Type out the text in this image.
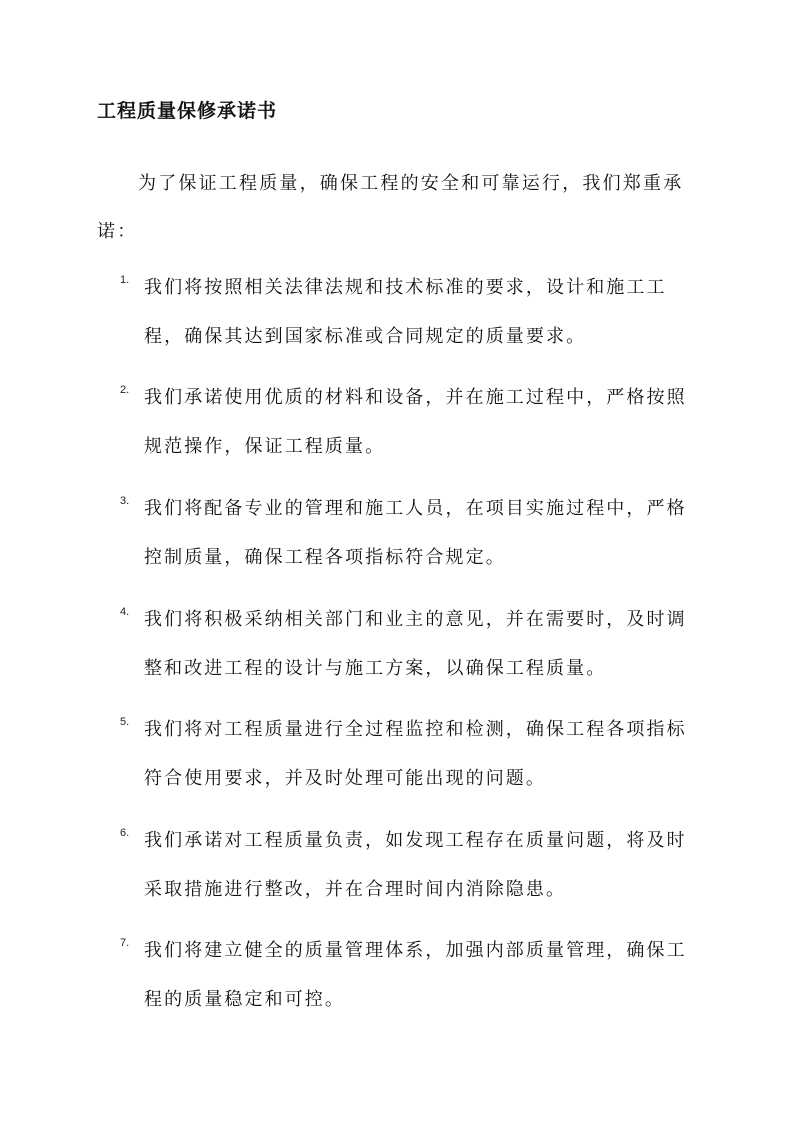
工程质量保修承诺书

为了保证工程质量，确保工程的安全和可靠运行，我们郑重承诺：

1. 我们将按照相关法律法规和技术标准的要求，设计和施工工程，确保其达到国家标准或合同规定的质量要求。

2. 我们承诺使用优质的材料和设备，并在施工过程中，严格按照规范操作，保证工程质量。

3. 我们将配备专业的管理和施工人员，在项目实施过程中，严格控制质量，确保工程各项指标符合规定。

4. 我们将积极采纳相关部门和业主的意见，并在需要时，及时调整和改进工程的设计与施工方案，以确保工程质量。

5. 我们将对工程质量进行全过程监控和检测，确保工程各项指标符合使用要求，并及时处理可能出现的问题。

6. 我们承诺对工程质量负责，如发现工程存在质量问题，将及时采取措施进行整改，并在合理时间内消除隐患。

7. 我们将建立健全的质量管理体系，加强内部质量管理，确保工程的质量稳定和可控。
